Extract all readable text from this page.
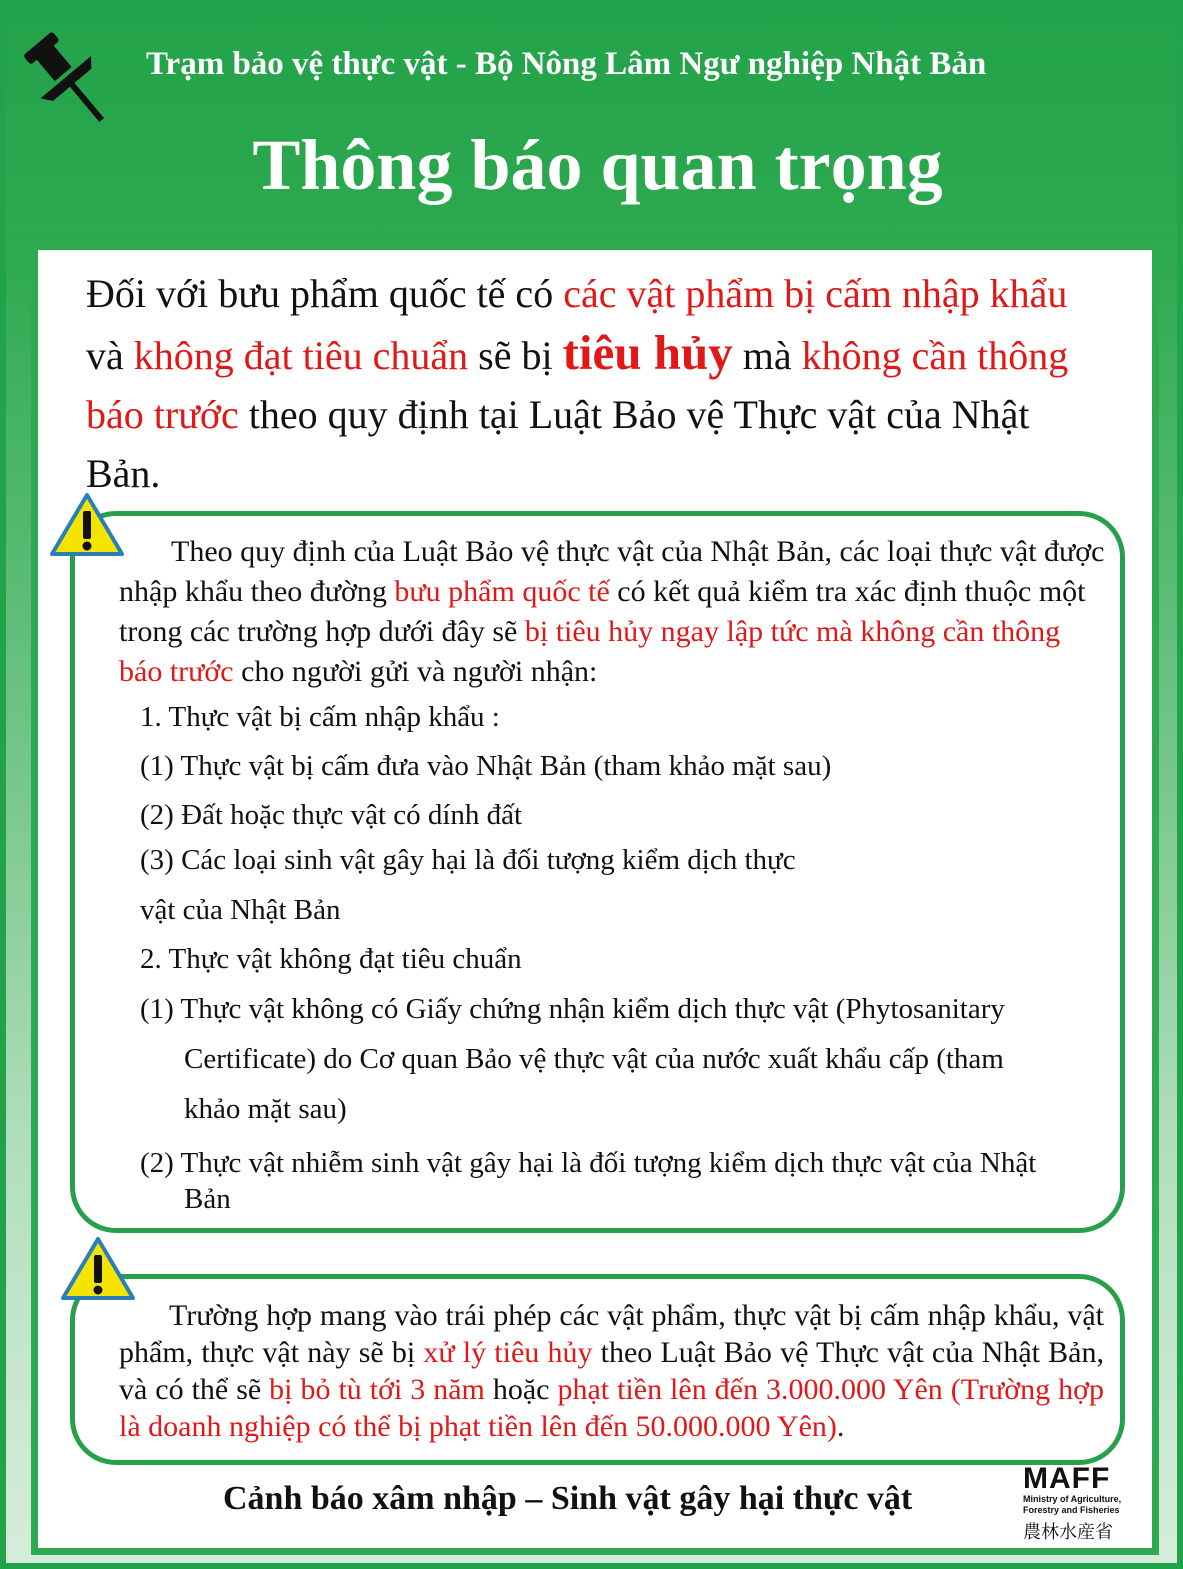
Trạm bảo vệ thực vật - Bộ Nông Lâm Ngư nghiệp Nhật Bản
Thông báo quan trọng
Đối với bưu phẩm quốc tế có các vật phẩm bị cấm nhập khẩu và không đạt tiêu chuẩn sẽ bị tiêu hủy mà không cần thông báo trước theo quy định tại Luật Bảo vệ Thực vật của Nhật Bản.
Theo quy định của Luật Bảo vệ thực vật của Nhật Bản, các loại thực vật được nhập khẩu theo đường bưu phẩm quốc tế có kết quả kiểm tra xác định thuộc một trong các trường hợp dưới đây sẽ bị tiêu hủy ngay lập tức mà không cần thông báo trước cho người gửi và người nhận:
1. Thực vật bị cấm nhập khẩu :
(1) Thực vật bị cấm đưa vào Nhật Bản (tham khảo mặt sau)
(2) Đất hoặc thực vật có dính đất
(3) Các loại sinh vật gây hại là đối tượng kiểm dịch thực
vật của Nhật Bản
2. Thực vật không đạt tiêu chuẩn
(1) Thực vật không có Giấy chứng nhận kiểm dịch thực vật (Phytosanitary
Certificate) do Cơ quan Bảo vệ thực vật của nước xuất khẩu cấp (tham
khảo mặt sau)
(2) Thực vật nhiễm sinh vật gây hại là đối tượng kiểm dịch thực vật của Nhật
Bản
Trường hợp mang vào trái phép các vật phẩm, thực vật bị cấm nhập khẩu, vật phẩm, thực vật này sẽ bị xử lý tiêu hủy theo Luật Bảo vệ Thực vật của Nhật Bản, và có thể sẽ bị bỏ tù tới 3 năm hoặc phạt tiền lên đến 3.000.000 Yên (Trường hợp là doanh nghiệp có thể bị phạt tiền lên đến 50.000.000 Yên).
Cảnh báo xâm nhập – Sinh vật gây hại thực vật
MAFF
Ministry of Agriculture,
Forestry and Fisheries
農林水産省
